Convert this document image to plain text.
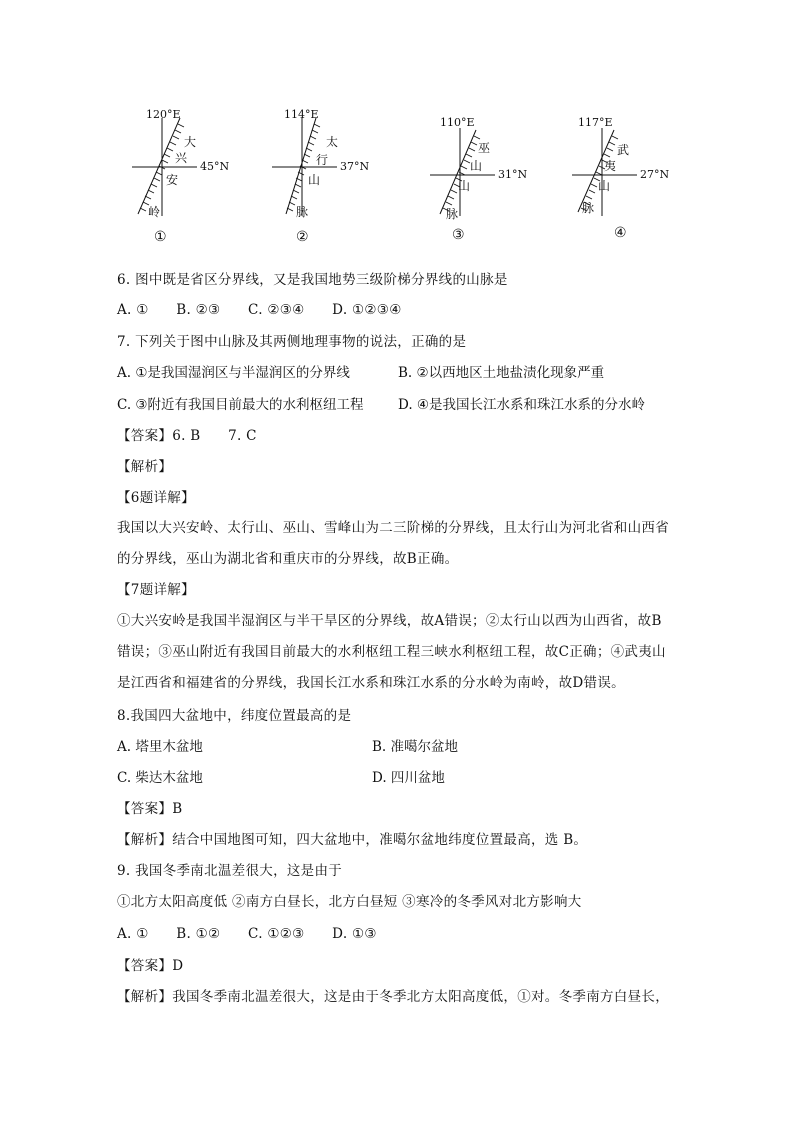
120°E
45°N
大
兴
安
岭
①
114°E
37°N
太
行
山
脉
②
110°E
31°N
巫
山
山
脉
③
117°E
27°N
武
夷
山
脉
④
6. 图中既是省区分界线，又是我国地势三级阶梯分界线的山脉是
A. ①　　B. ②③　　C. ②③④　　D. ①②③④
7. 下列关于图中山脉及其两侧地理事物的说法，正确的是
A. ①是我国湿润区与半湿润区的分界线	B. ②以西地区土地盐渍化现象严重
C. ③附近有我国目前最大的水利枢纽工程	D. ④是我国长江水系和珠江水系的分水岭
【答案】6. B　　7. C
【解析】
【6题详解】
我国以大兴安岭、太行山、巫山、雪峰山为二三阶梯的分界线，且太行山为河北省和山西省
的分界线，巫山为湖北省和重庆市的分界线，故B正确。
【7题详解】
①大兴安岭是我国半湿润区与半干旱区的分界线，故A错误；②太行山以西为山西省，故B
错误；③巫山附近有我国目前最大的水利枢纽工程三峡水利枢纽工程，故C正确；④武夷山
是江西省和福建省的分界线，我国长江水系和珠江水系的分水岭为南岭，故D错误。
8.我国四大盆地中，纬度位置最高的是
A. 塔里木盆地	B. 准噶尔盆地
C. 柴达木盆地	D. 四川盆地
【答案】B
【解析】结合中国地图可知，四大盆地中，准噶尔盆地纬度位置最高，选 B。
9. 我国冬季南北温差很大，这是由于
①北方太阳高度低 ②南方白昼长，北方白昼短 ③寒冷的冬季风对北方影响大
A. ①　　B. ①②　　C. ①②③　　D. ①③
【答案】D
【解析】我国冬季南北温差很大，这是由于冬季北方太阳高度低，①对。冬季南方白昼长，
